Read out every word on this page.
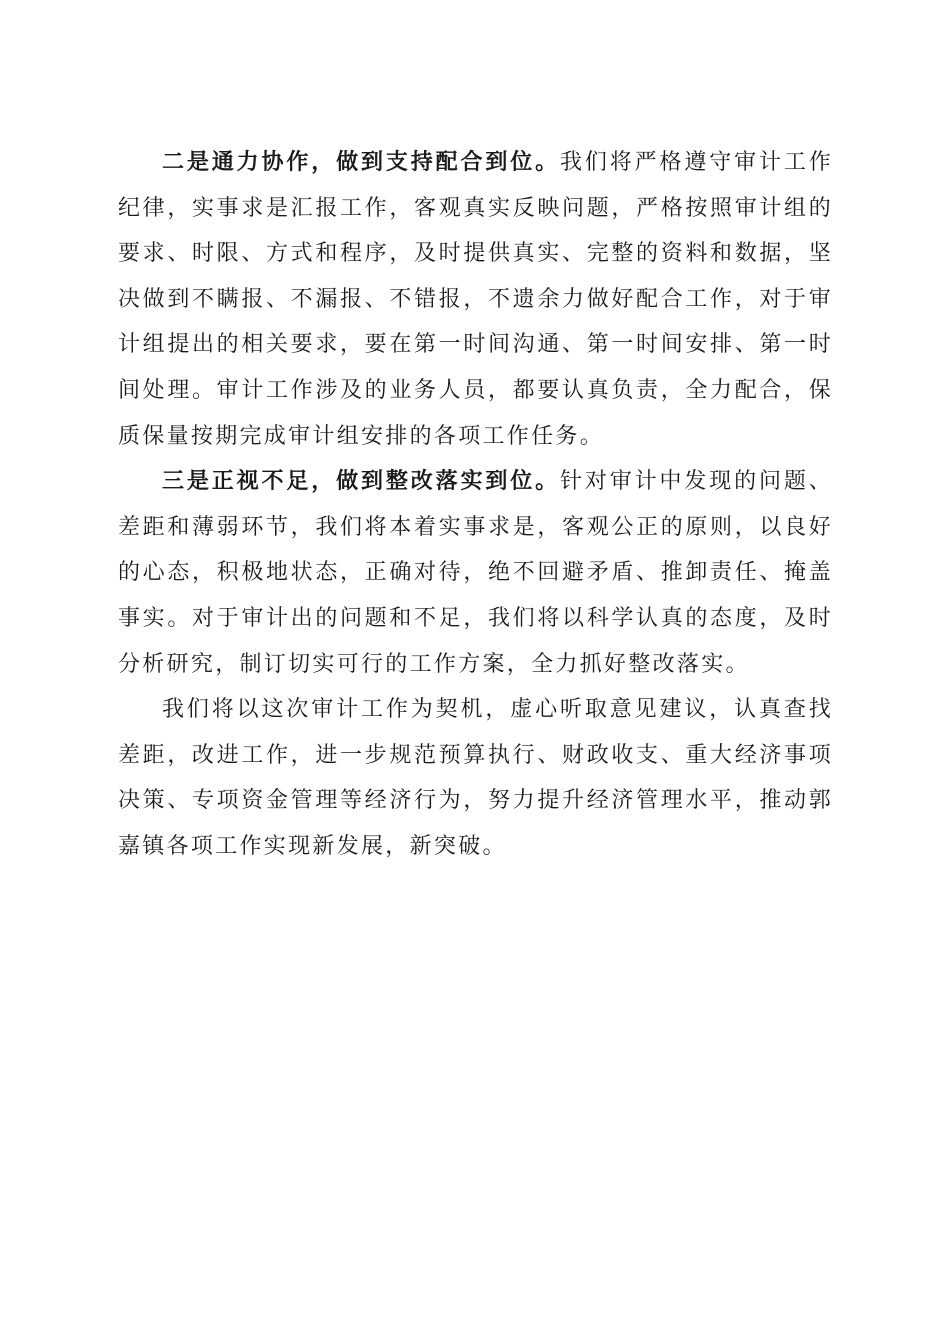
二是通力协作，做到支持配合到位。我们将严格遵守审计工作纪律，实事求是汇报工作，客观真实反映问题，严格按照审计组的要求、时限、方式和程序，及时提供真实、完整的资料和数据，坚决做到不瞒报、不漏报、不错报，不遗余力做好配合工作，对于审计组提出的相关要求，要在第一时间沟通、第一时间安排、第一时间处理。审计工作涉及的业务人员，都要认真负责，全力配合，保质保量按期完成审计组安排的各项工作任务。

三是正视不足，做到整改落实到位。针对审计中发现的问题、差距和薄弱环节，我们将本着实事求是，客观公正的原则，以良好的心态，积极地状态，正确对待，绝不回避矛盾、推卸责任、掩盖事实。对于审计出的问题和不足，我们将以科学认真的态度，及时分析研究，制订切实可行的工作方案，全力抓好整改落实。

我们将以这次审计工作为契机，虚心听取意见建议，认真查找差距，改进工作，进一步规范预算执行、财政收支、重大经济事项决策、专项资金管理等经济行为，努力提升经济管理水平，推动郭嘉镇各项工作实现新发展，新突破。
